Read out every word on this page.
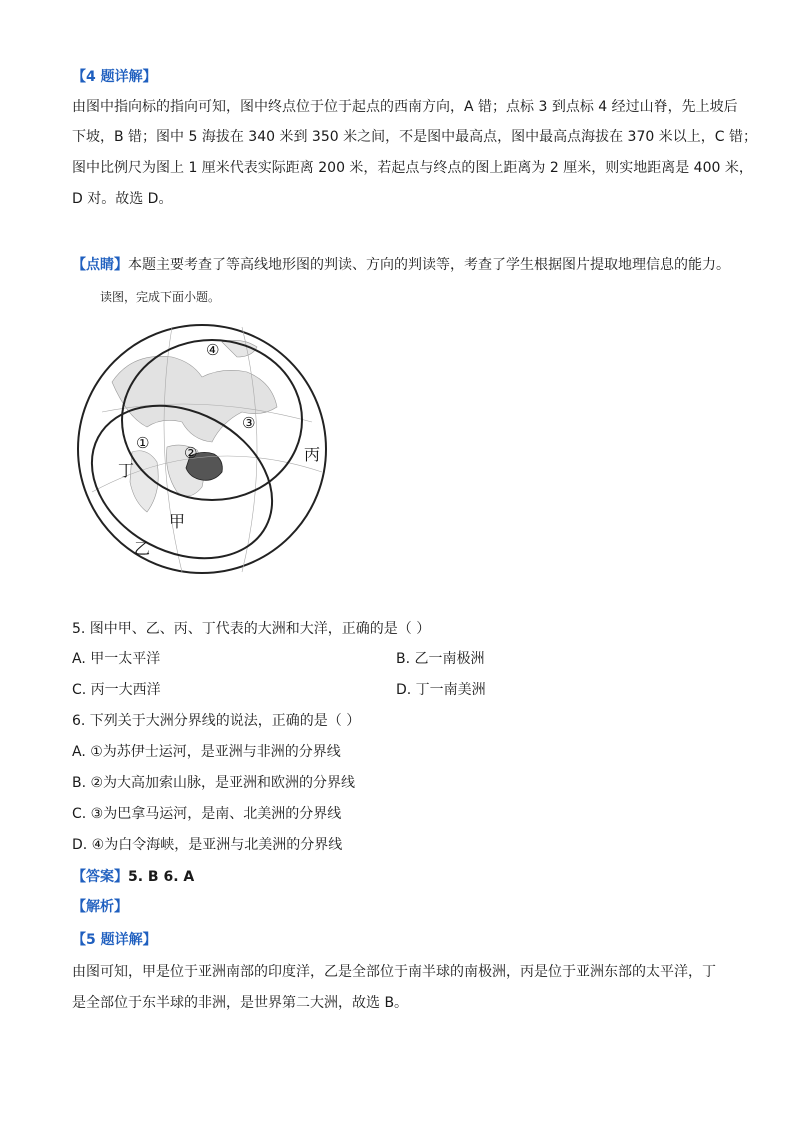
【4 题详解】
由图中指向标的指向可知，图中终点位于位于起点的西南方向，A 错；点标 3 到点标 4 经过山脊，先上坡后
下坡，B 错；图中 5 海拔在 340 米到 350 米之间，不是图中最高点，图中最高点海拔在 370 米以上，C 错；
图中比例尺为图上 1 厘米代表实际距离 200 米，若起点与终点的图上距离为 2 厘米，则实地距离是 400 米，
D 对。故选 D。
【点睛】本题主要考查了等高线地形图的判读、方向的判读等，考查了学生根据图片提取地理信息的能力。
读图，完成下面小题。
④
①
②
③
丙
丁
甲
乙
5. 图中甲、乙、丙、丁代表的大洲和大洋，正确的是（ ）
A. 甲一太平洋	B. 乙一南极洲
C. 丙一大西洋	D. 丁一南美洲
6. 下列关于大洲分界线的说法，正确的是（ ）
A. ①为苏伊士运河，是亚洲与非洲的分界线
B. ②为大高加索山脉，是亚洲和欧洲的分界线
C. ③为巴拿马运河，是南、北美洲的分界线
D. ④为白令海峡，是亚洲与北美洲的分界线
【答案】5. B 6. A
【解析】
【5 题详解】
由图可知，甲是位于亚洲南部的印度洋，乙是全部位于南半球的南极洲，丙是位于亚洲东部的太平洋，丁
是全部位于东半球的非洲，是世界第二大洲，故选 B。
